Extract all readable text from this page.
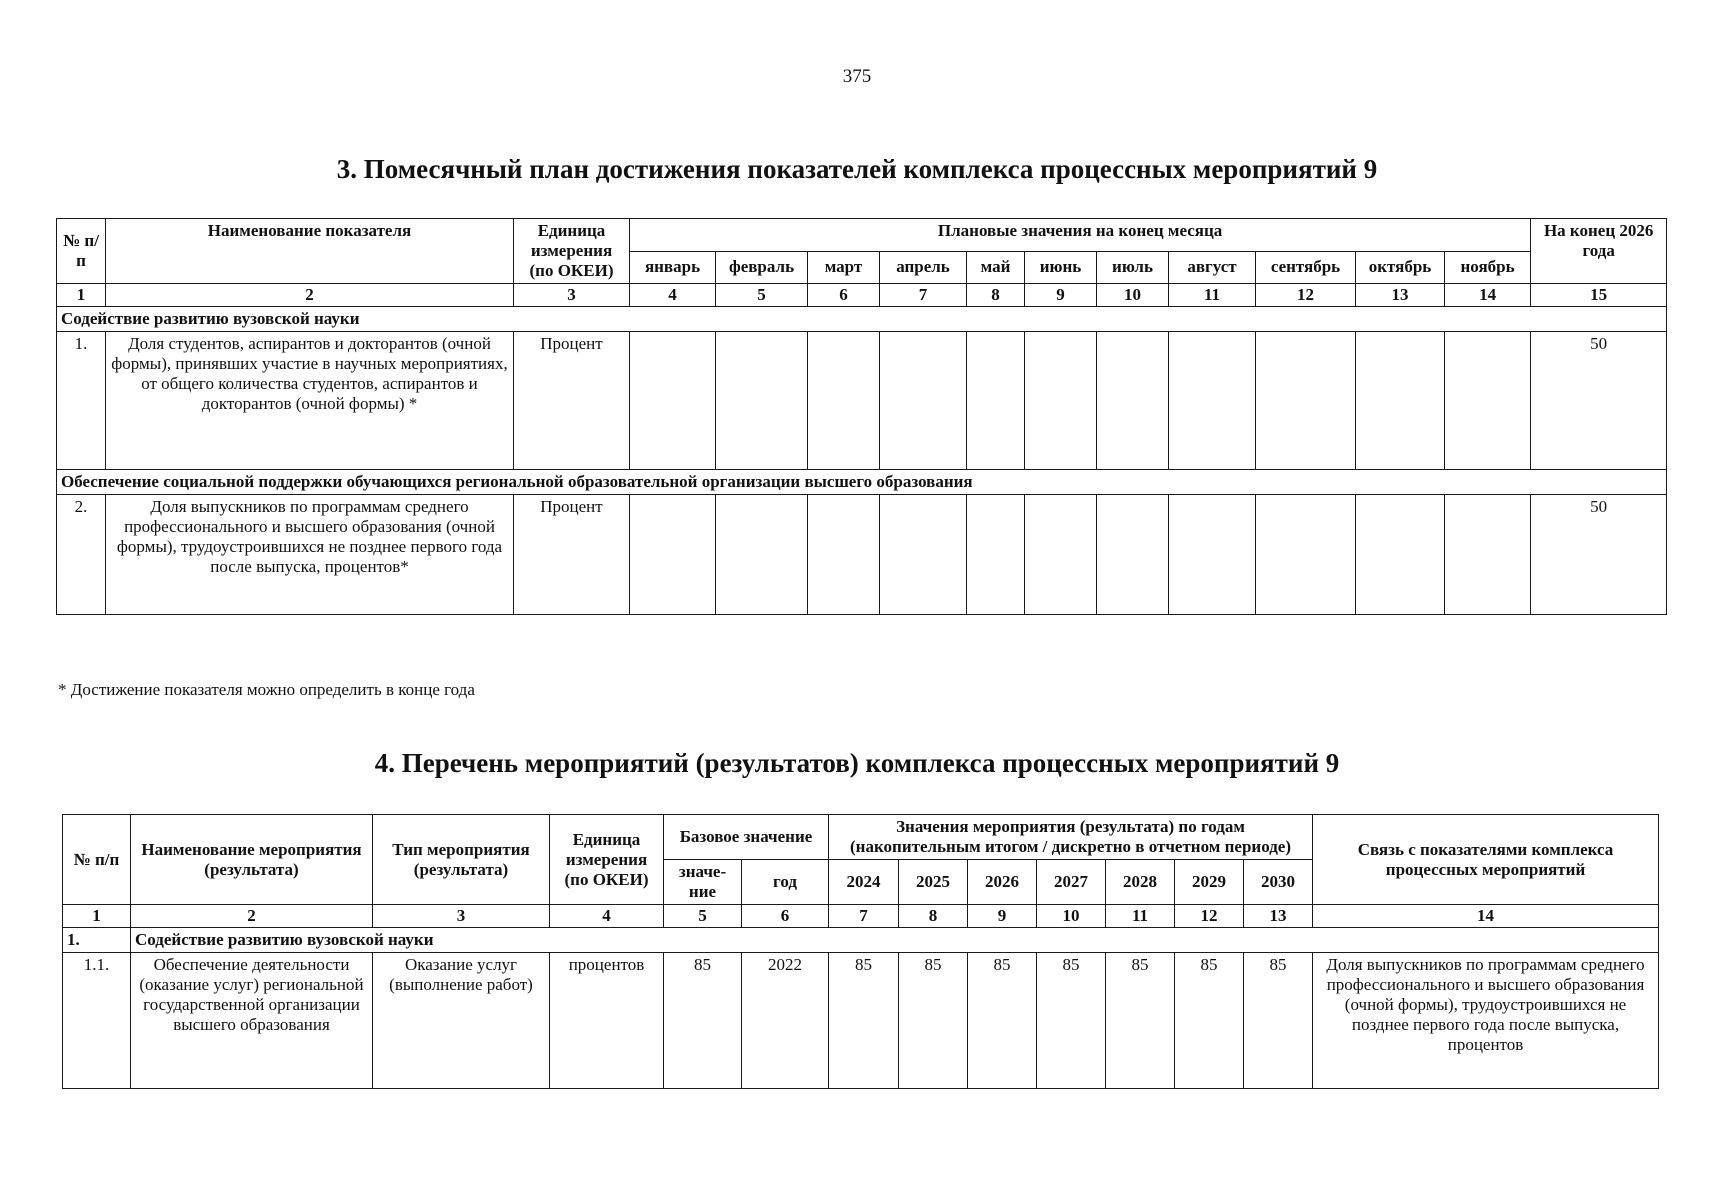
375
3. Помесячный план достижения показателей комплекса процессных мероприятий 9
№ п/п	Наименование показателя	Единица измерения (по ОКЕИ)	Плановые значения на конец месяца											На конец 2026 года
			январь	февраль	март	апрель	май	июнь	июль	август	сентябрь	октябрь	ноябрь	
1	2	3	4	5	6	7	8	9	10	11	12	13	14	15
Содействие развитию вузовской науки														
1.	Доля студентов, аспирантов и докторантов (очной формы), принявших участие в научных мероприятиях, от общего количества студентов, аспирантов и докторантов (очной формы) *	Процент												50
Обеспечение социальной поддержки обучающихся региональной образовательной организации высшего образования														
2.	Доля выпускников по программам среднего профессионального и высшего образования (очной формы), трудоустроившихся не позднее первого года после выпуска, процентов*	Процент												50
* Достижение показателя можно определить в конце года
4. Перечень мероприятий (результатов) комплекса процессных мероприятий 9
№ п/п	Наименование мероприятия (результата)	Тип мероприятия (результата)	Единица измерения (по ОКЕИ)	Базовое значение		Значения мероприятия (результата) по годам (накопительным итогом / дискретно в отчетном периоде)							Связь с показателями комплекса процессных мероприятий
				значе-ние	год	2024	2025	2026	2027	2028	2029	2030	
1	2	3	4	5	6	7	8	9	10	11	12	13	14
1.	Содействие развитию вузовской науки												
1.1.	Обеспечение деятельности (оказание услуг) региональной государственной организации высшего образования	Оказание услуг (выполнение работ)	процентов	85	2022	85	85	85	85	85	85	85	Доля выпускников по программам среднего профессионального и высшего образования (очной формы), трудоустроившихся не позднее первого года после выпуска, процентов
